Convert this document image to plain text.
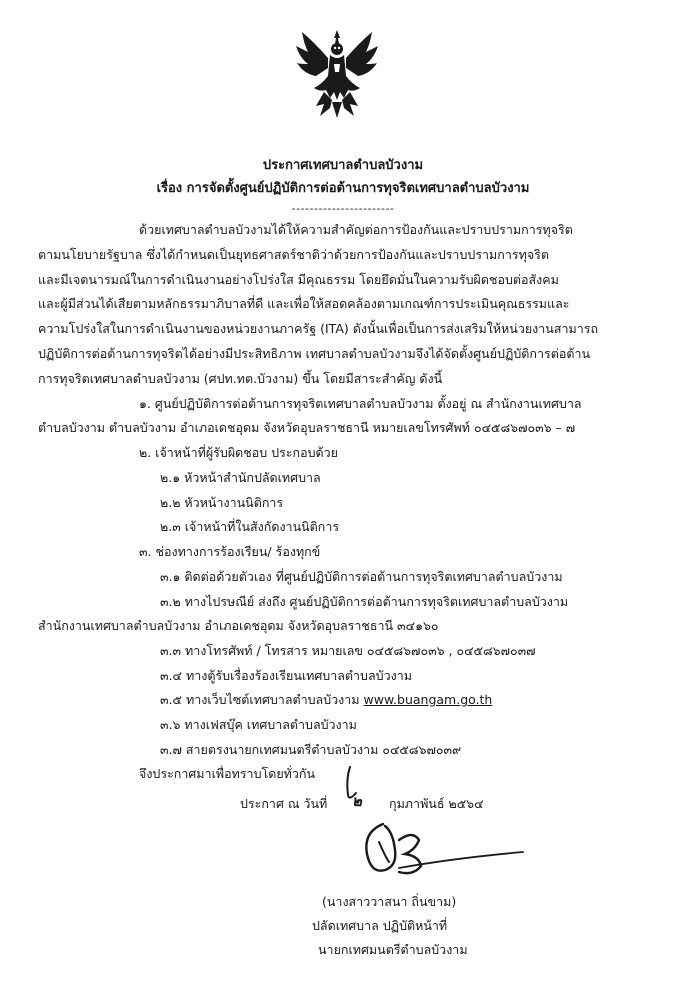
ประกาศเทศบาลตำบลบัวงาม
เรื่อง การจัดตั้งศูนย์ปฏิบัติการต่อต้านการทุจริตเทศบาลตำบลบัวงาม
-----------------------
ด้วยเทศบาลตำบลบัวงามได้ให้ความสำคัญต่อการป้องกันและปราบปรามการทุจริต
ตามนโยบายรัฐบาล ซึ่งได้กำหนดเป็นยุทธศาสตร์ชาติว่าด้วยการป้องกันและปราบปรามการทุจริต
และมีเจตนารมณ์ในการดำเนินงานอย่างโปร่งใส มีคุณธรรม โดยยึดมั่นในความรับผิดชอบต่อสังคม
และผู้มีส่วนได้เสียตามหลักธรรมาภิบาลที่ดี และเพื่อให้สอดคล้องตามเกณฑ์การประเมินคุณธรรมและ
ความโปร่งใสในการดำเนินงานของหน่วยงานภาครัฐ (ITA) ดังนั้นเพื่อเป็นการส่งเสริมให้หน่วยงานสามารถ
ปฏิบัติการต่อต้านการทุจริตได้อย่างมีประสิทธิภาพ เทศบาลตำบลบัวงามจึงได้จัดตั้งศูนย์ปฏิบัติการต่อต้าน
การทุจริตเทศบาลตำบลบัวงาม (ศปท.ทต.บัวงาม) ขึ้น โดยมีสาระสำคัญ ดังนี้
๑. ศูนย์ปฏิบัติการต่อต้านการทุจริตเทศบาลตำบลบัวงาม ตั้งอยู่ ณ สำนักงานเทศบาล
ตำบลบัวงาม ตำบลบัวงาม อำเภอเดชอุดม จังหวัดอุบลราชธานี หมายเลขโทรศัพท์ ๐๔๕๘๖๗๐๓๖ – ๗
๒. เจ้าหน้าที่ผู้รับผิดชอบ ประกอบด้วย
๒.๑ หัวหน้าสำนักปลัดเทศบาล
๒.๒ หัวหน้างานนิติการ
๒.๓ เจ้าหน้าที่ในสังกัดงานนิติการ
๓. ช่องทางการร้องเรียน/ ร้องทุกข์
๓.๑ ติดต่อด้วยตัวเอง ที่ศูนย์ปฏิบัติการต่อต้านการทุจริตเทศบาลตำบลบัวงาม
๓.๒ ทางไปรษณีย์ ส่งถึง ศูนย์ปฏิบัติการต่อต้านการทุจริตเทศบาลตำบลบัวงาม
สำนักงานเทศบาลตำบลบัวงาม อำเภอเดชอุดม จังหวัดอุบลราชธานี ๓๔๑๖๐
๓.๓ ทางโทรศัพท์ / โทรสาร หมายเลข ๐๔๕๘๖๗๐๓๖ , ๐๔๕๘๖๗๐๓๗
๓.๔ ทางตู้รับเรื่องร้องเรียนเทศบาลตำบลบัวงาม
๓.๕ ทางเว็บไซต์เทศบาลตำบลบัวงาม www.buangam.go.th
๓.๖ ทางเฟสบุ๊ค เทศบาลตำบลบัวงาม
๓.๗ สายตรงนายกเทศมนตรีตำบลบัวงาม ๐๔๕๘๖๗๐๓๙
จึงประกาศมาเพื่อทราบโดยทั่วกัน
ประกาศ ณ วันที่ ๒ กุมภาพันธ์ ๒๕๖๔
(นางสาววาสนา ถิ่นขาม)
ปลัดเทศบาล ปฏิบัติหน้าที่
นายกเทศมนตรีตำบลบัวงาม
